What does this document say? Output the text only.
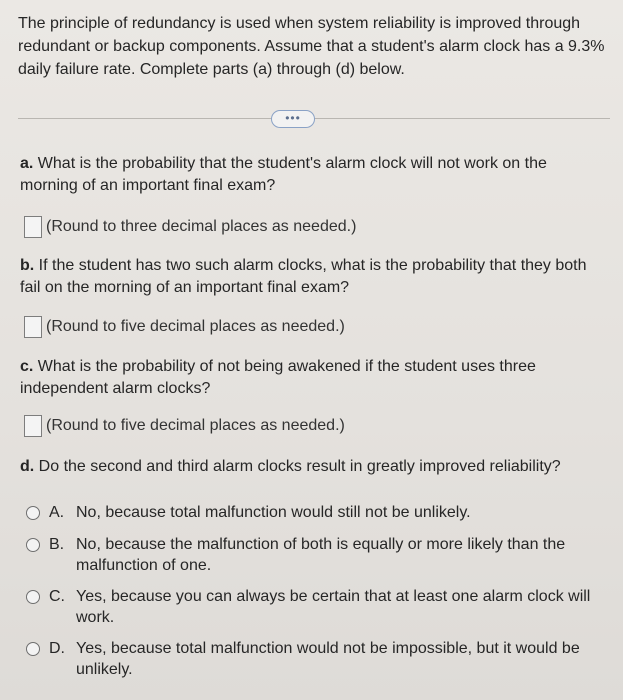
The principle of redundancy is used when system reliability is improved through redundant or backup components. Assume that a student's alarm clock has a 9.3% daily failure rate. Complete parts (a) through (d) below.
•••
a. What is the probability that the student's alarm clock will not work on the morning of an important final exam?
(Round to three decimal places as needed.)
b. If the student has two such alarm clocks, what is the probability that they both fail on the morning of an important final exam?
(Round to five decimal places as needed.)
c. What is the probability of not being awakened if the student uses three independent alarm clocks?
(Round to five decimal places as needed.)
d. Do the second and third alarm clocks result in greatly improved reliability?
A. No, because total malfunction would still not be unlikely.
B. No, because the malfunction of both is equally or more likely than the malfunction of one.
C. Yes, because you can always be certain that at least one alarm clock will work.
D. Yes, because total malfunction would not be impossible, but it would be unlikely.
